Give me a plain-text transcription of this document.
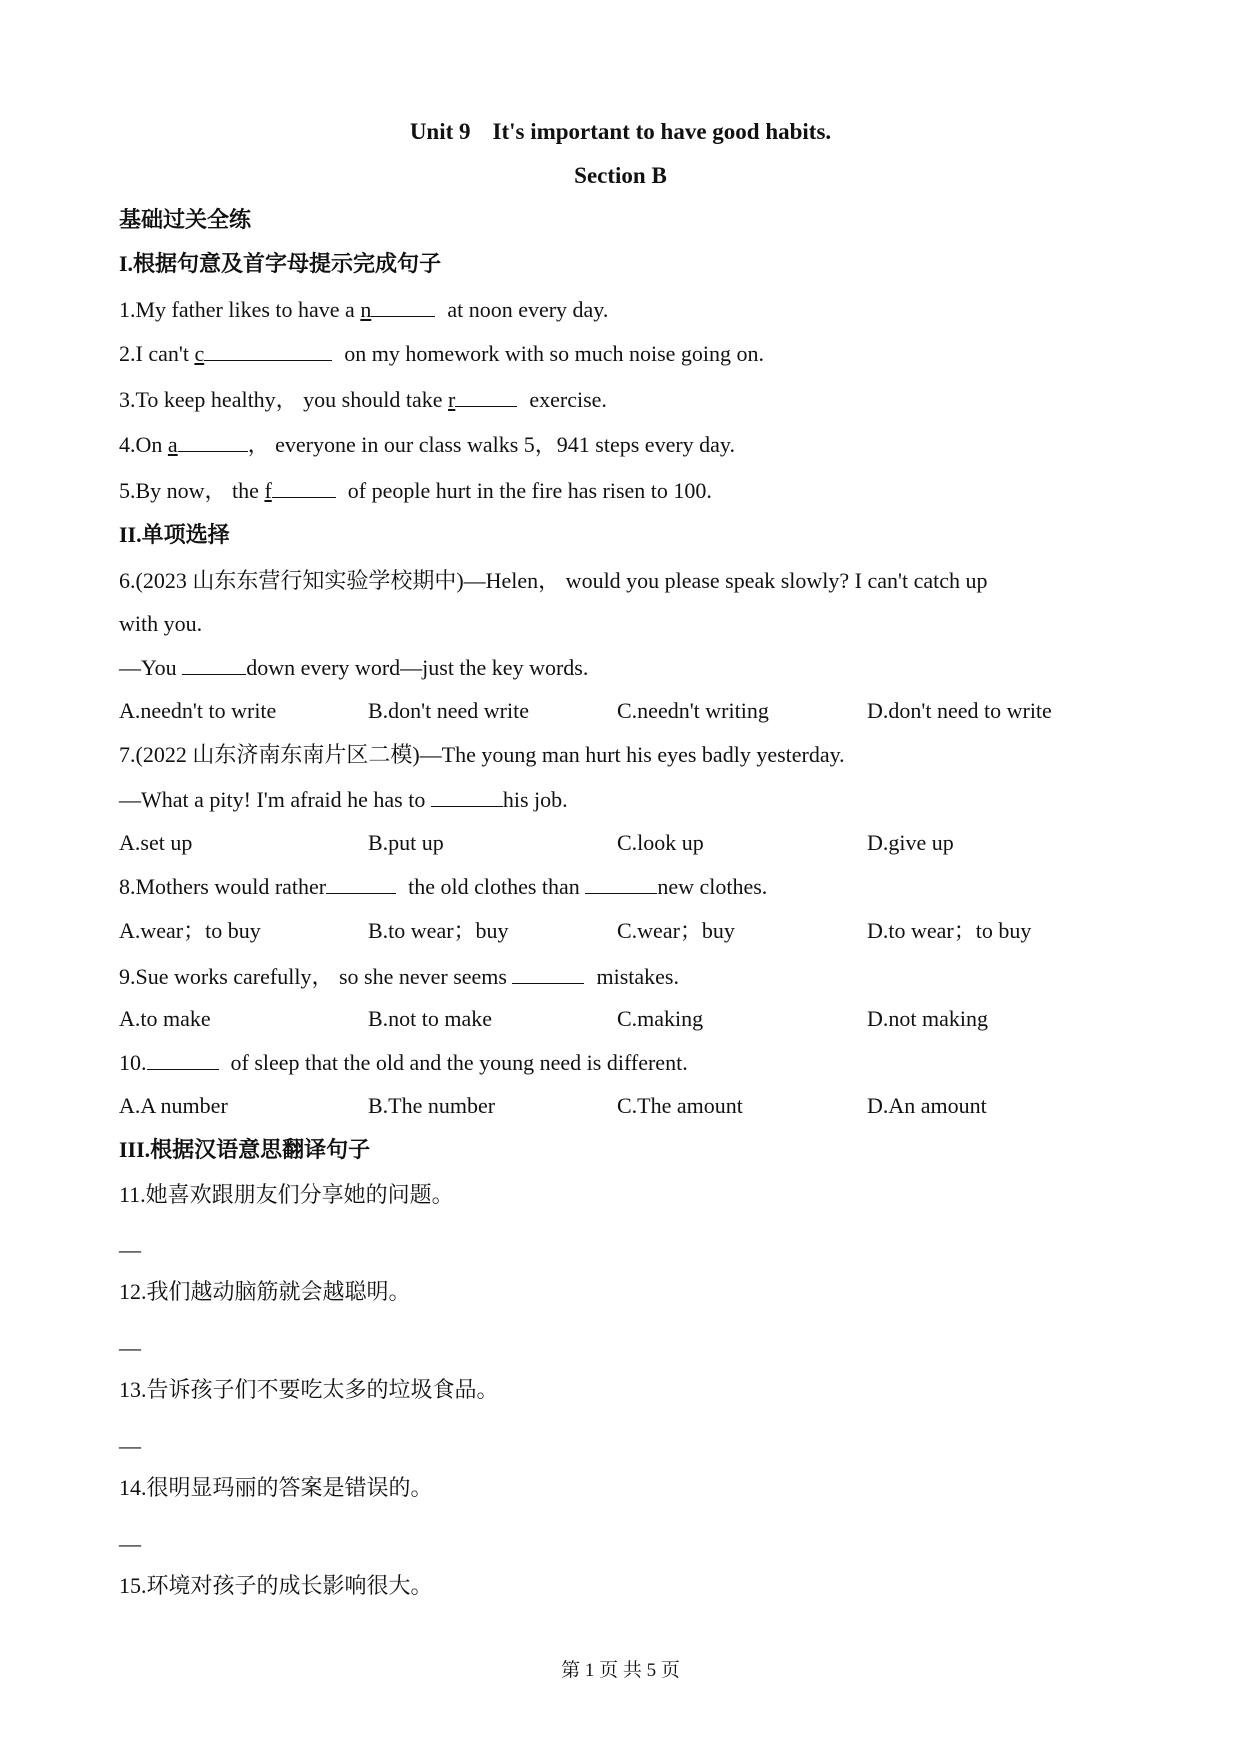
Unit 9 It's important to have good habits.
Section B
基础过关全练
I.根据句意及首字母提示完成句子
1.My father likes to have a n	at noon every day.
2.I can't c	on my homework with so much noise going on.
3.To keep healthy， you should take r	exercise.
4.On a	， everyone in our class walks 5，941 steps every day.
5.By now， the f	of people hurt in the fire has risen to 100.
II.单项选择
6.(2023 山东东营行知实验学校期中)—Helen， would you please speak slowly? I can't catch up
with you.
—You	down every word—just the key words.
A.needn't to write	B.don't need write	C.needn't writing	D.don't need to write
7.(2022 山东济南东南片区二模)—The young man hurt his eyes badly yesterday.
—What a pity! I'm afraid he has to	his job.
A.set up	B.put up	C.look up	D.give up
8.Mothers would rather	the old clothes than	new clothes.
A.wear；to buy	B.to wear；buy	C.wear；buy	D.to wear；to buy
9.Sue works carefully， so she never seems	mistakes.
A.to make	B.not to make	C.making	D.not making
10.	of sleep that the old and the young need is different.
A.A number	B.The number	C.The amount	D.An amount
III.根据汉语意思翻译句子
11.她喜欢跟朋友们分享她的问题。
—
12.我们越动脑筋就会越聪明。
—
13.告诉孩子们不要吃太多的垃圾食品。
—
14.很明显玛丽的答案是错误的。
—
15.环境对孩子的成长影响很大。
第 1 页 共 5 页
